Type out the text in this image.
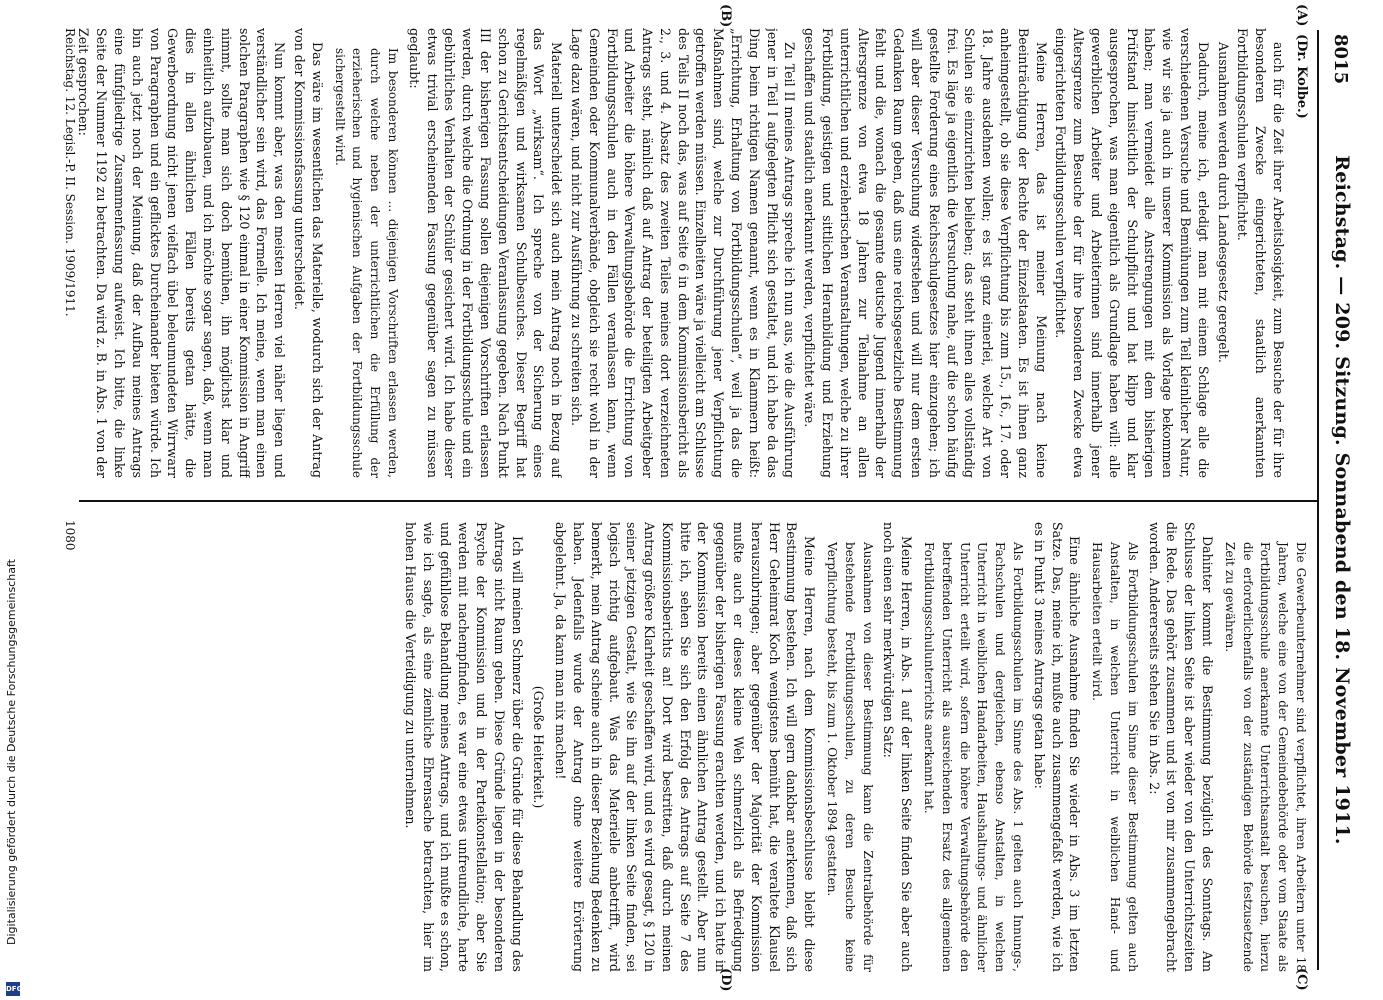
8015
Reichstag. — 209. Sitzung. Sonnabend den 18. November 1911.
(Dr. Kolbe.)
(A)
(B)
(C)
(D)

auch für die Zeit ihrer Arbeitslosigkeit, zum Besuche der für ihre besonderen Zwecke eingerichteten, staatlich anerkannten Fortbildungsschulen verpflichtet.

Ausnahmen werden durch Landesgesetz geregelt.

Dadurch, meine ich, erledigt man mit einem Schlage alle die verschiedenen Versuche und Bemühungen zum Teil kleinlicher Natur, wie wir sie ja auch in unserer Kommission als Vorlage bekommen haben; man vermeidet alle Anstrengungen mit dem bisherigen Prüfstand hinsichtlich der Schulpflicht und hat klipp und klar ausgesprochen, was man eigentlich als Grundlage haben will: alle gewerblichen Arbeiter und Arbeiterinnen sind innerhalb jener Altersgrenze zum Besuche der für ihre besonderen Zwecke etwa eingerichteten Fortbildungsschulen verpflichtet.

Meine Herren, das ist meiner Meinung nach keine Beeinträchtigung der Rechte der Einzelstaaten. Es ist ihnen ganz anheimgestellt, ob sie diese Verpflichtung bis zum 15., 16., 17. oder 18. Jahre ausdehnen wollen; es ist ganz einerlei, welche Art von Schulen sie einzurichten belieben; das steht ihnen alles vollständig frei. Es läge ja eigentlich die Versuchung nahe, auf die schon häufig gestellte Forderung eines Reichsschulgesetzes hier einzugehen; ich will aber dieser Versuchung widerstehen und will nur dem ersten Gedanken Raum geben, daß uns eine reichsgesetzliche Bestimmung fehlt und die, wonach die gesamte deutsche Jugend innerhalb der Altersgrenze von etwa 18 Jahren zur Teilnahme an allen unterrichtlichen und erzieherischen Veranstaltungen, welche zu ihrer Fortbildung, geistigen und sittlichen Heranbildung und Erziehung geschaffen und staatlich anerkannt werden, verpflichtet wäre.

Zu Teil II meines Antrags spreche ich nun aus, wie die Ausführung jener in Teil I aufgelegten Pflicht sich gestaltet, und ich habe da das Ding beim richtigen Namen genannt, wenn es in Klammern heißt: „Errichtung, Erhaltung von Fortbildungsschulen“, weil ja das die Maßnahmen sind, welche zur Durchführung jener Verpflichtung getroffen werden müssen. Einzelheiten wäre ja vielleicht am Schlusse des Teils II noch das, was auf Seite 6 in dem Kommissionsbericht als 2., 3. und 4. Absatz des zweiten Teiles meines dort verzeichneten Antrags steht, nämlich daß auf Antrag der beteiligten Arbeitgeber und Arbeiter die höhere Verwaltungsbehörde die Errichtung von Fortbildungsschulen auch in den Fällen veranlassen kann, wenn Gemeinden oder Kommunalverbände, obgleich sie recht wohl in der Lage dazu wären, und nicht zur Ausführung zu schreiten sich.

Materiell unterscheidet sich auch mein Antrag noch in Bezug auf das Wort „wirksam“. Ich spreche von der Sicherung eines regelmäßigen und wirksamen Schulbesuches. Dieser Begriff hat schon zu Gerichtsentscheidungen Veranlassung gegeben. Nach Punkt III der bisherigen Fassung sollen diejenigen Vorschriften erlassen werden, durch welche die Ordnung in der Fortbildungsschule und ein gebührliches Verhalten der Schüler gesichert wird. Ich habe dieser etwas trivial erscheinenden Fassung gegenüber sagen zu müssen geglaubt:

Im besonderen können ... diejenigen Vorschriften erlassen werden, durch welche neben der unterrichtlichen die Erfüllung der erzieherischen und hygienischen Aufgaben der Fortbildungsschule sichergestellt wird.

Das wäre im wesentlichen das Materielle, wodurch sich der Antrag von der Kommissionsfassung unterscheidet.

Nun kommt aber, was den meisten Herren viel näher liegen und verständlicher sein wird, das Formelle. Ich meine, wenn man einen solchen Paragraphen wie § 120 einmal in einer Kommission in Angriff nimmt, sollte man sich doch bemühen, ihn möglichst klar und einheitlich aufzubauen, und ich möchte sogar sagen, daß, wenn man dies in allen ähnlichen Fällen bereits getan hätte, die Gewerbeordnung nicht jenen vielfach übel beleumundeten Wirrwarr von Paragraphen und ein geflicktes Durcheinander bieten würde. Ich bin auch jetzt noch der Meinung, daß der Aufbau meines Antrags eine fünfgliedrige Zusammenfassung aufweist. Ich bitte, die linke Seite der Nummer 1192 zu betrachten. Da wird z. B. in Abs. 1 von der Zeit gesprochen:

Die Gewerbeunternehmer sind verpflichtet, ihren Arbeitern unter 18 Jahren, welche eine von der Gemeindebehörde oder vom Staate als Fortbildungsschule anerkannte Unterrichtsanstalt besuchen, hierzu die erforderlichenfalls von der zuständigen Behörde festzusetzende Zeit zu gewähren.

Dahinter kommt die Bestimmung bezüglich des Sonntags. Am Schlusse der linken Seite ist aber wieder von den Unterrichtszeiten die Rede. Das gehört zusammen und ist von mir zusammengebracht worden. Andererseits stehen Sie in Abs. 2:

Als Fortbildungsschulen im Sinne dieser Bestimmung gelten auch Anstalten, in welchen Unterricht in weiblichen Hand- und Hausarbeiten erteilt wird.

Eine ähnliche Ausnahme finden Sie wieder in Abs. 3 im letzten Satze. Das, meine ich, mußte auch zusammengefaßt werden, wie ich es in Punkt 3 meines Antrags getan habe:

Als Fortbildungsschulen im Sinne des Abs. 1 gelten auch Innungs-, Fachschulen und dergleichen, ebenso Anstalten, in welchen Unterricht in weiblichen Handarbeiten, Haushaltungs- und ähnlicher Unterricht erteilt wird, sofern die höhere Verwaltungsbehörde den betreffenden Unterricht als ausreichenden Ersatz des allgemeinen Fortbildungsschulunterrichts anerkannt hat.

Meine Herren, in Abs. 1 auf der linken Seite finden Sie aber auch noch einen sehr merkwürdigen Satz:

Ausnahmen von dieser Bestimmung kann die Zentralbehörde für bestehende Fortbildungsschulen, zu deren Besuche keine Verpflichtung besteht, bis zum 1. Oktober 1894 gestatten.

Meine Herren, nach dem Kommissionsbeschlusse bleibt diese Bestimmung bestehen. Ich will gern dankbar anerkennen, daß sich Herr Geheimrat Koch wenigstens bemüht hat, die veraltete Klausel herauszubringen; aber gegenüber der Majorität der Kommission mußte auch er dieses kleine Weh schmerzlich als Befriedigung gegenüber der bisherigen Fassung erachten werden, und ich hatte in der Kommission bereits einen ähnlichen Antrag gestellt. Aber nun bitte ich, sehen Sie sich den Erfolg des Antrags auf Seite 7 des Kommissionsberichts an! Dort wird bestritten, daß durch meinen Antrag größere Klarheit geschaffen wird, und es wird gesagt, § 120 in seiner jetzigen Gestalt, wie Sie ihn auf der linken Seite finden, sei logisch richtig aufgebaut. Was das Materielle anbetrifft, wird bemerkt, mein Antrag scheine auch in dieser Beziehung Bedenken zu haben. Jedenfalls wurde der Antrag ohne weitere Erörterung abgelehnt. Ja, da kann man nix machen!

(Große Heiterkeit.)

Ich will meinen Schmerz über die Gründe für diese Behandlung des Antrags nicht Raum geben. Diese Gründe liegen in der besonderen Psyche der Kommission und in der Parteikonstellation; aber Sie werden mit nachempfinden, es war eine etwas unfreundliche, harte und gefühllose Behandlung meines Antrags, und ich mußte es schon, wie ich sagte, als eine ziemliche Ehrensache betrachten, hier im hohen Hause die Verteidigung zu unternehmen.

Reichstag. 12. Legisl.-P. II. Session. 1909/1911.
1080
Digitalisierung gefördert durch die Deutsche Forschungsgemeinschaft
DFG
